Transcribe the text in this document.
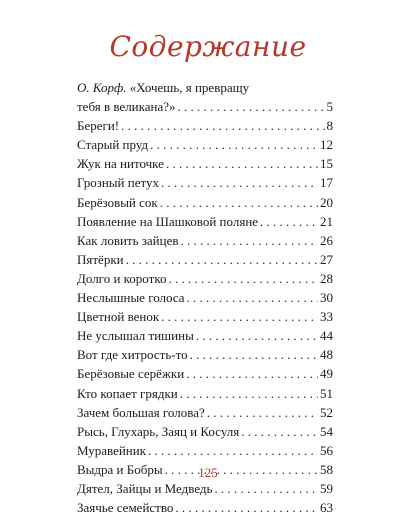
Содержание
О. Корф. «Хочешь, я превращу
тебя в великана?» . . .	5
Береги! . . .	8
Старый пруд . . .	12
Жук на ниточке . . .	15
Грозный петух . . .	17
Берёзовый сок . . .	20
Появление на Шашковой поляне . . .	21
Как ловить зайцев . . .	26
Пятёрки . . .	27
Долго и коротко . . .	28
Неслышные голоса . . .	30
Цветной венок . . .	33
Не услышал тишины . . .	44
Вот где хитрость-то . . .	48
Берёзовые серёжки . . .	49
Кто копает грядки . . .	51
Зачем большая голова? . . .	52
Рысь, Глухарь, Заяц и Косуля . . .	54
Муравейник . . .	56
Выдра и Бобры . . .	58
Дятел, Зайцы и Медведь . . .	59
Заячье семейство . . .	63
125
